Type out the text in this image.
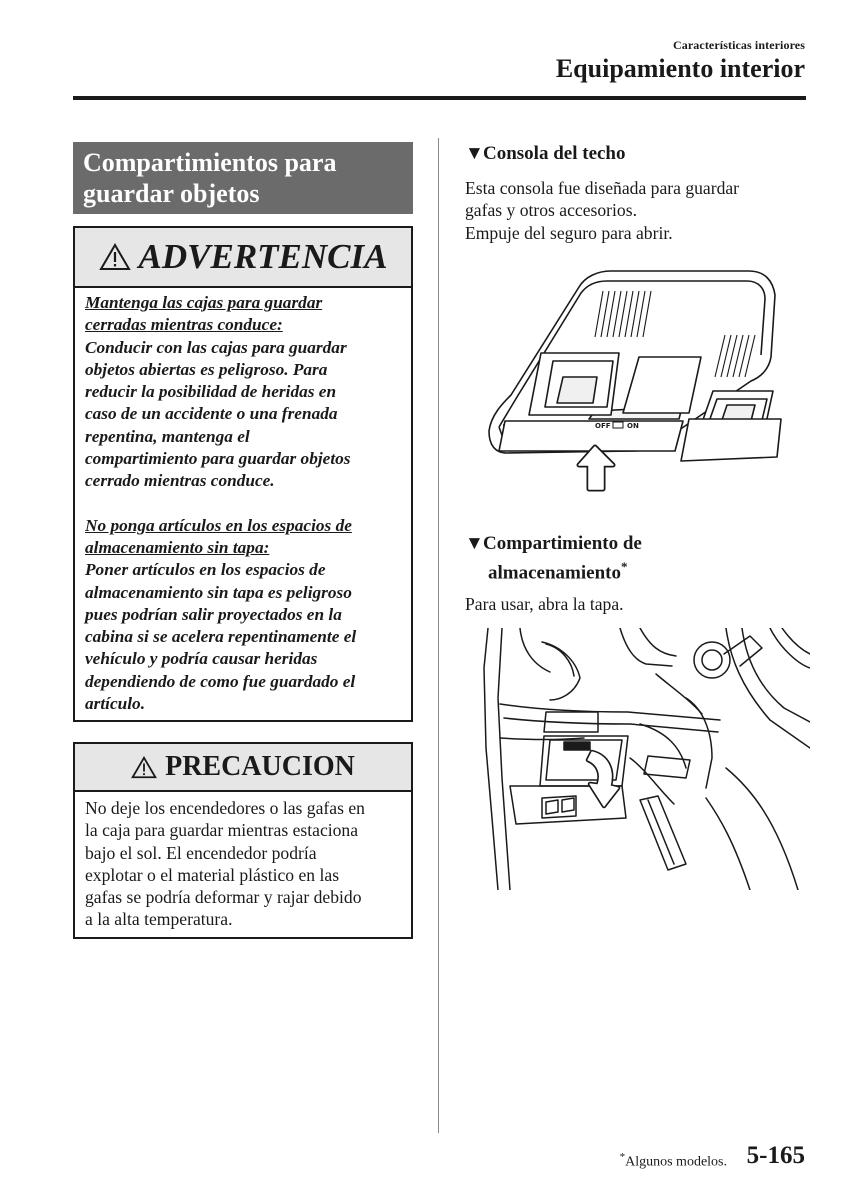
Características interiores
Equipamiento interior
Compartimientos para
guardar objetos
ADVERTENCIA

Mantenga las cajas para guardar

cerradas mientras conduce:

Conducir con las cajas para guardar

objetos abiertas es peligroso. Para

reducir la posibilidad de heridas en

caso de un accidente o una frenada

repentina, mantenga el

compartimiento para guardar objetos

cerrado mientras conduce.

No ponga artículos en los espacios de

almacenamiento sin tapa:

Poner artículos en los espacios de

almacenamiento sin tapa es peligroso

pues podrían salir proyectados en la

cabina si se acelera repentinamente el

vehículo y podría causar heridas

dependiendo de como fue guardado el

artículo.

PRECAUCION
No deje los encendedores o las gafas en
la caja para guardar mientras estaciona
bajo el sol. El encendedor podría
explotar o el material plástico en las
gafas se podría deformar y rajar debido
a la alta temperatura.
▼Consola del techo
Esta consola fue diseñada para guardar
gafas y otros accesorios.
Empuje del seguro para abrir.
OFF ON
▼Compartimiento de
almacenamiento*
Para usar, abra la tapa.
*Algunos modelos. 5-165
